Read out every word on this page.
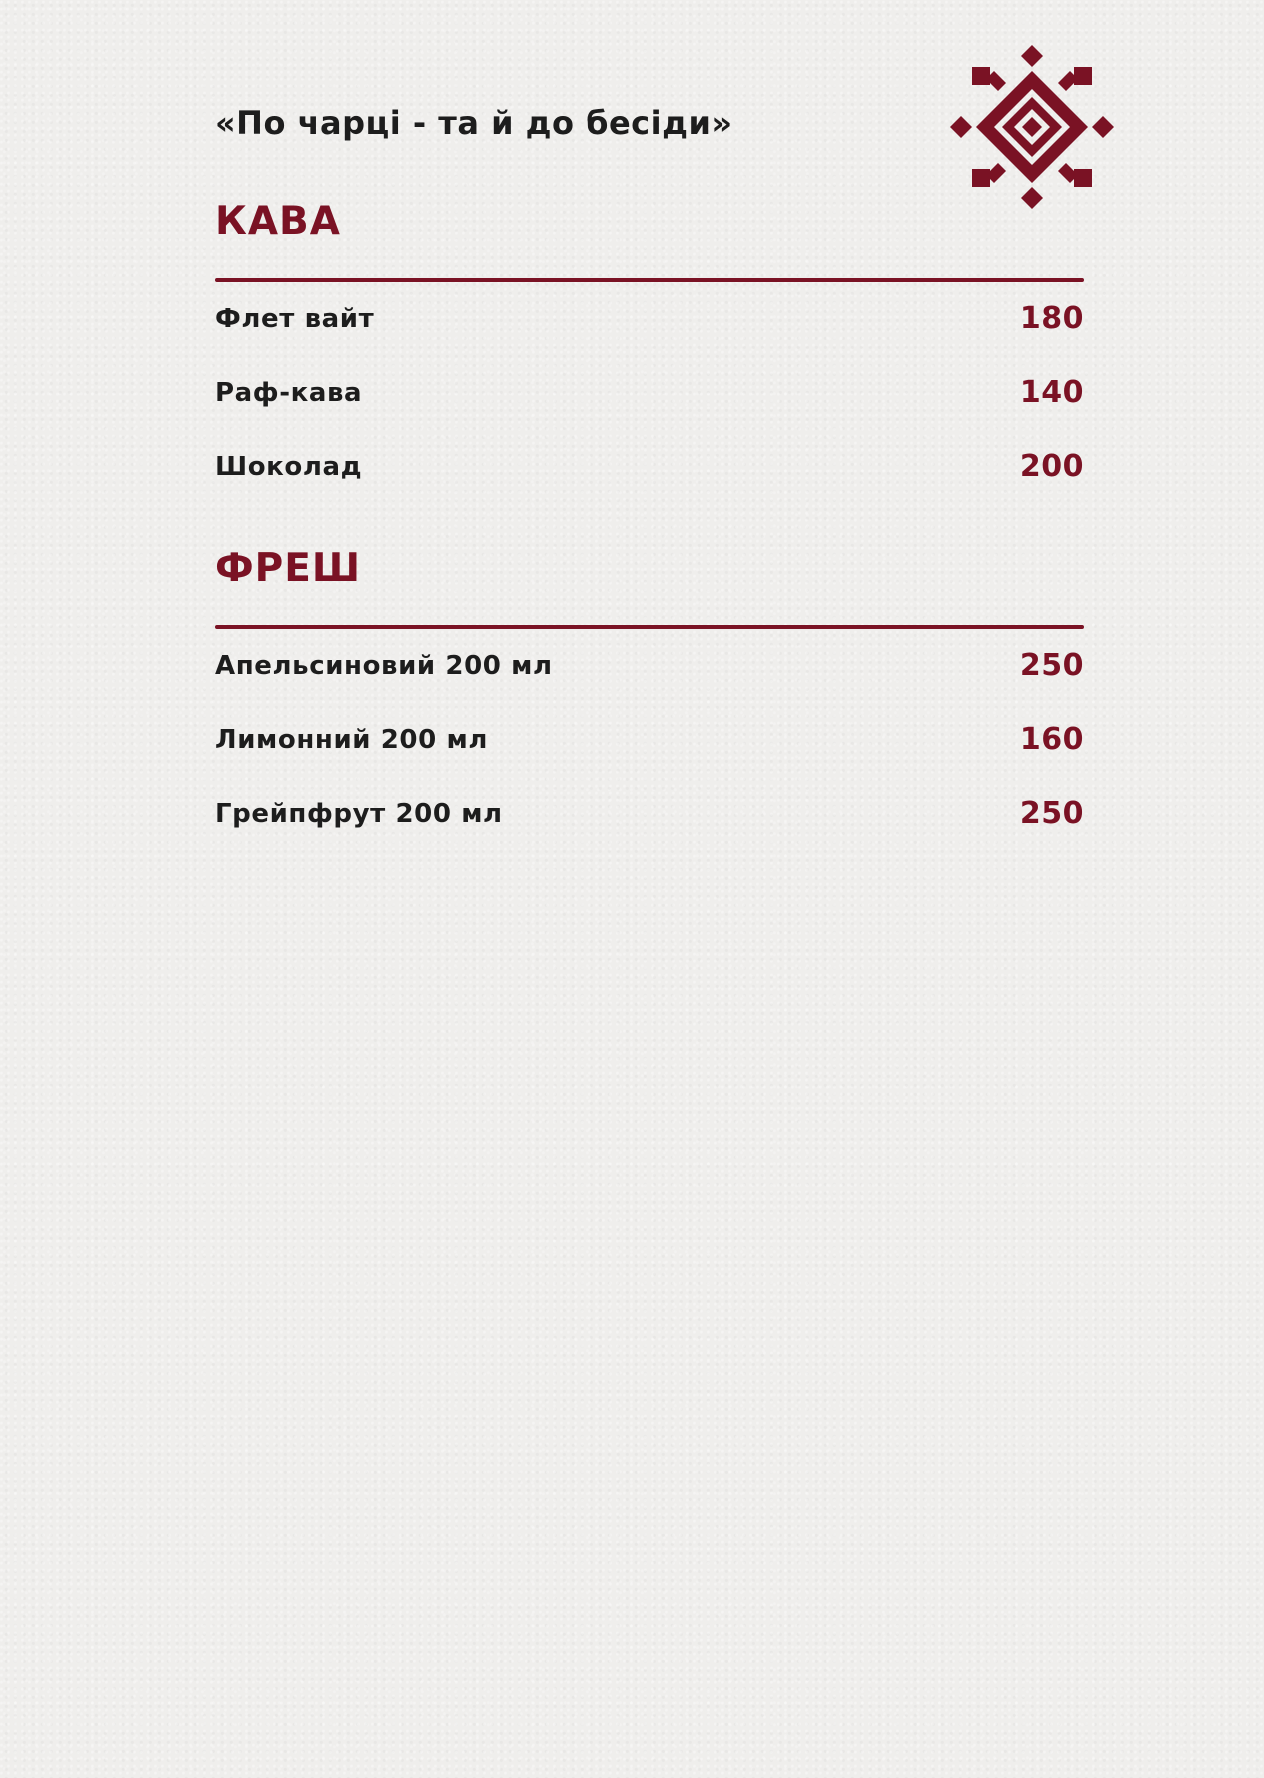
«По чарці - та й до бесіди»
КАВА
Флет вайт	180
Раф-кава	140
Шоколад	200
ФРЕШ
Апельсиновий 200 мл	250
Лимонний 200 мл	160
Грейпфрут 200 мл	250
